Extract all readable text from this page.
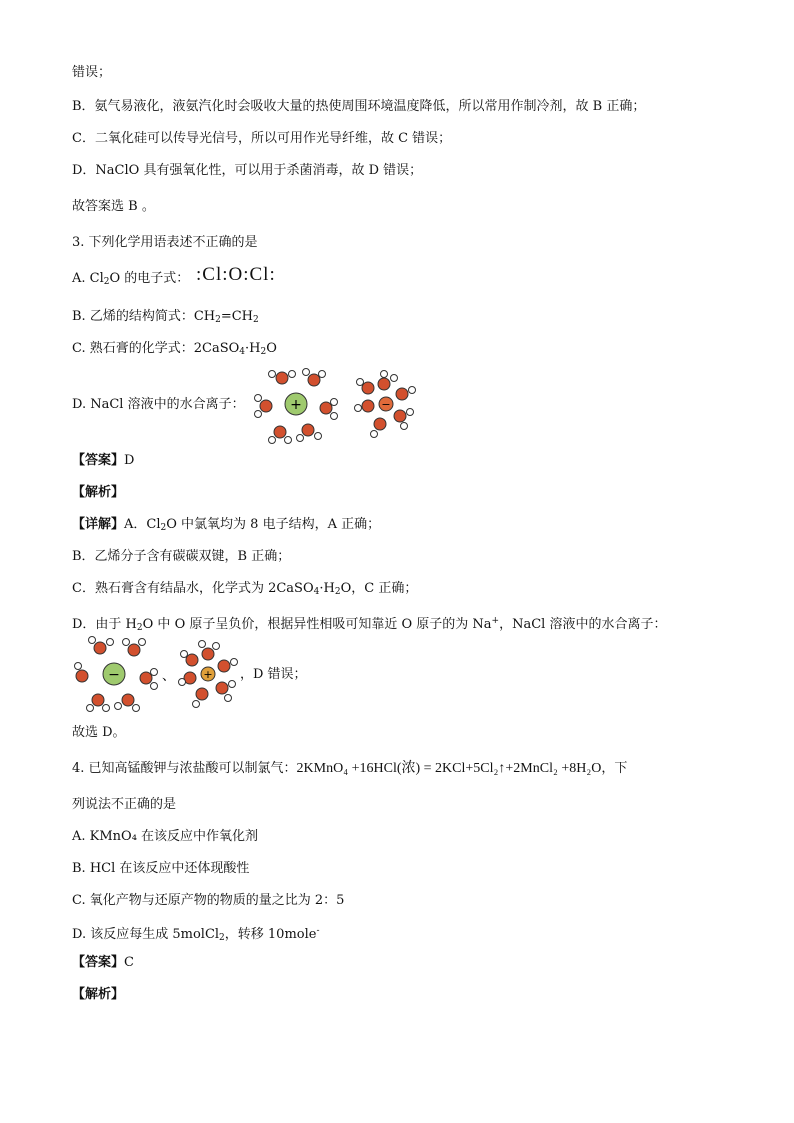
错误；
B．氨气易液化，液氨汽化时会吸收大量的热使周围环境温度降低，所以常用作制冷剂，故 B 正确；
C．二氧化硅可以传导光信号，所以可用作光导纤维，故 C 错误；
D．NaClO 具有强氧化性，可以用于杀菌消毒，故 D 错误；
故答案选 B 。
3. 下列化学用语表述不正确的是
A. $Cl_2O$ 的电子式： :Cl:O:Cl:
B. 乙烯的结构简式：$CH_2=CH_2$
C. 熟石膏的化学式：$2CaSO_4\cdot H_2O$
D. NaCl 溶液中的水合离子：	+	−
【答案】D
【解析】
【详解】A．$Cl_2O$ 中氯氧均为 8 电子结构，A 正确；
B．乙烯分子含有碳碳双键，B 正确；
C．熟石膏含有结晶水，化学式为 $2CaSO_4\cdot H_2O$，C 正确；
D．由于 $H_2O$ 中 O 原子呈负价，根据异性相吸可知靠近 O 原子的为 Na+，NaCl 溶液中的水合离子：
−	、	+ ，D 错误；
故选 D。
4. 已知高锰酸钾与浓盐酸可以制氯气：2KMnO₄ +16HCl(浓) = 2KCl+5Cl₂↑+2MnCl₂ +8H₂O，下
列说法不正确的是
A. KMnO₄ 在该反应中作氧化剂
B. HCl 在该反应中还体现酸性
C. 氧化产物与还原产物的物质的量之比为 2：5
D. 该反应每生成 5molCl$_2$，转移 10mole-
【答案】C
【解析】
